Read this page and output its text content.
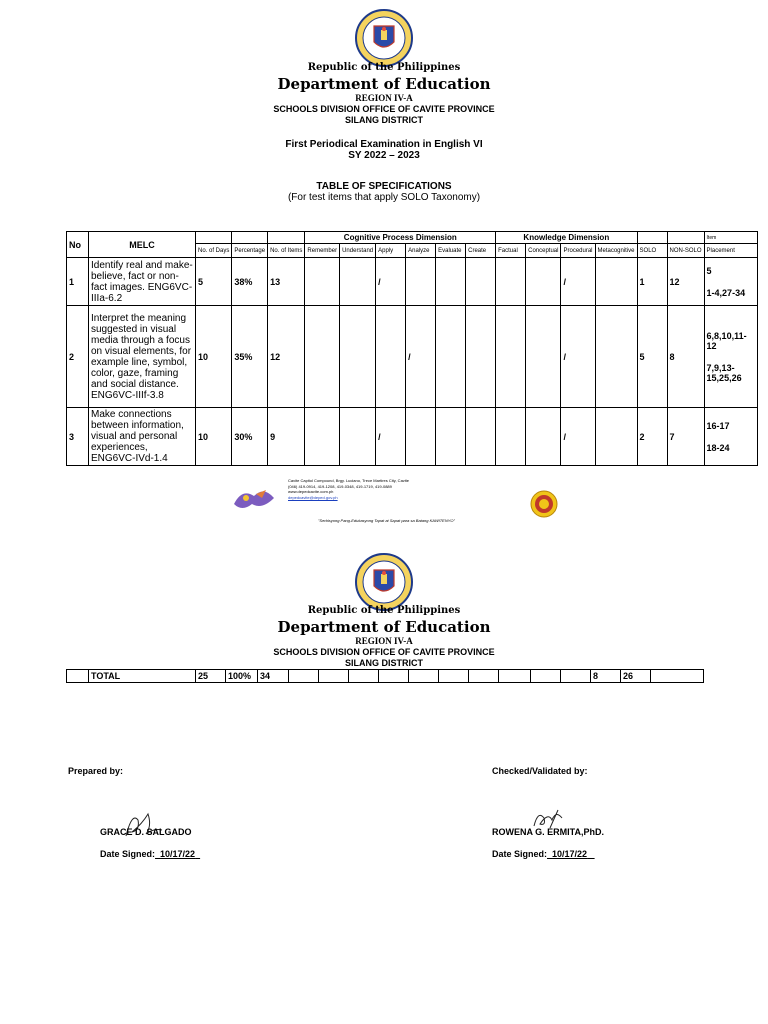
Republic of the Philippines
Department of Education
REGION IV-A
SCHOOLS DIVISION OFFICE OF CAVITE PROVINCE
SILANG DISTRICT
First Periodical Examination in English VI
SY 2022 – 2023
TABLE OF SPECIFICATIONS
(For test items that apply SOLO Taxonomy)
No	MELC				Cognitive Process Dimension						Knowledge Dimension						Item
		No. of Days	Percentage	No. of Items	Remember	Understand	Apply	Analyze	Evaluate	Create	Factual	Conceptual	Procedural	Metacognitive	SOLO	NON-SOLO	Placement
1	Identify real and make-believe, fact or non-fact images. ENG6VC-IIIa-6.2	5	38%	13			/						/		1	12	5
1-4,27-34

2	Interpret the meaning suggested in visual media through a focus on visual elements, for example line, symbol, color, gaze, framing and social distance. ENG6VC-IIIf-3.8	10	35%	12				/					/		5	8	6,8,10,11-12
7,9,13-15,25,26

3	Make connections between information, visual and personal experiences, ENG6VC-IVd-1.4	10	30%	9			/						/		2	7	16-17
18-24
Cavite Capitol Compound, Brgy. Luciano, Trece Martires City, Cavite
(046) 419-0914, 419-1208, 419-0348, 419-1719, 419-0889
www.depedcavite.com.ph
depedcavite@deped.gov.ph
"Serbisyong Pang-Edukasyong Tapat at Sapat para sa Batang KAWITENYO"
Republic of the Philippines
Department of Education
REGION IV-A
SCHOOLS DIVISION OFFICE OF CAVITE PROVINCE
SILANG DISTRICT
	TOTAL	25	100%	34											8	26	
Prepared by:	Checked/Validated by:
GRACE D. SALGADO	ROWENA G. ERMITA,PhD.
Date Signed: 10/17/22	Date Signed: 10/17/22
